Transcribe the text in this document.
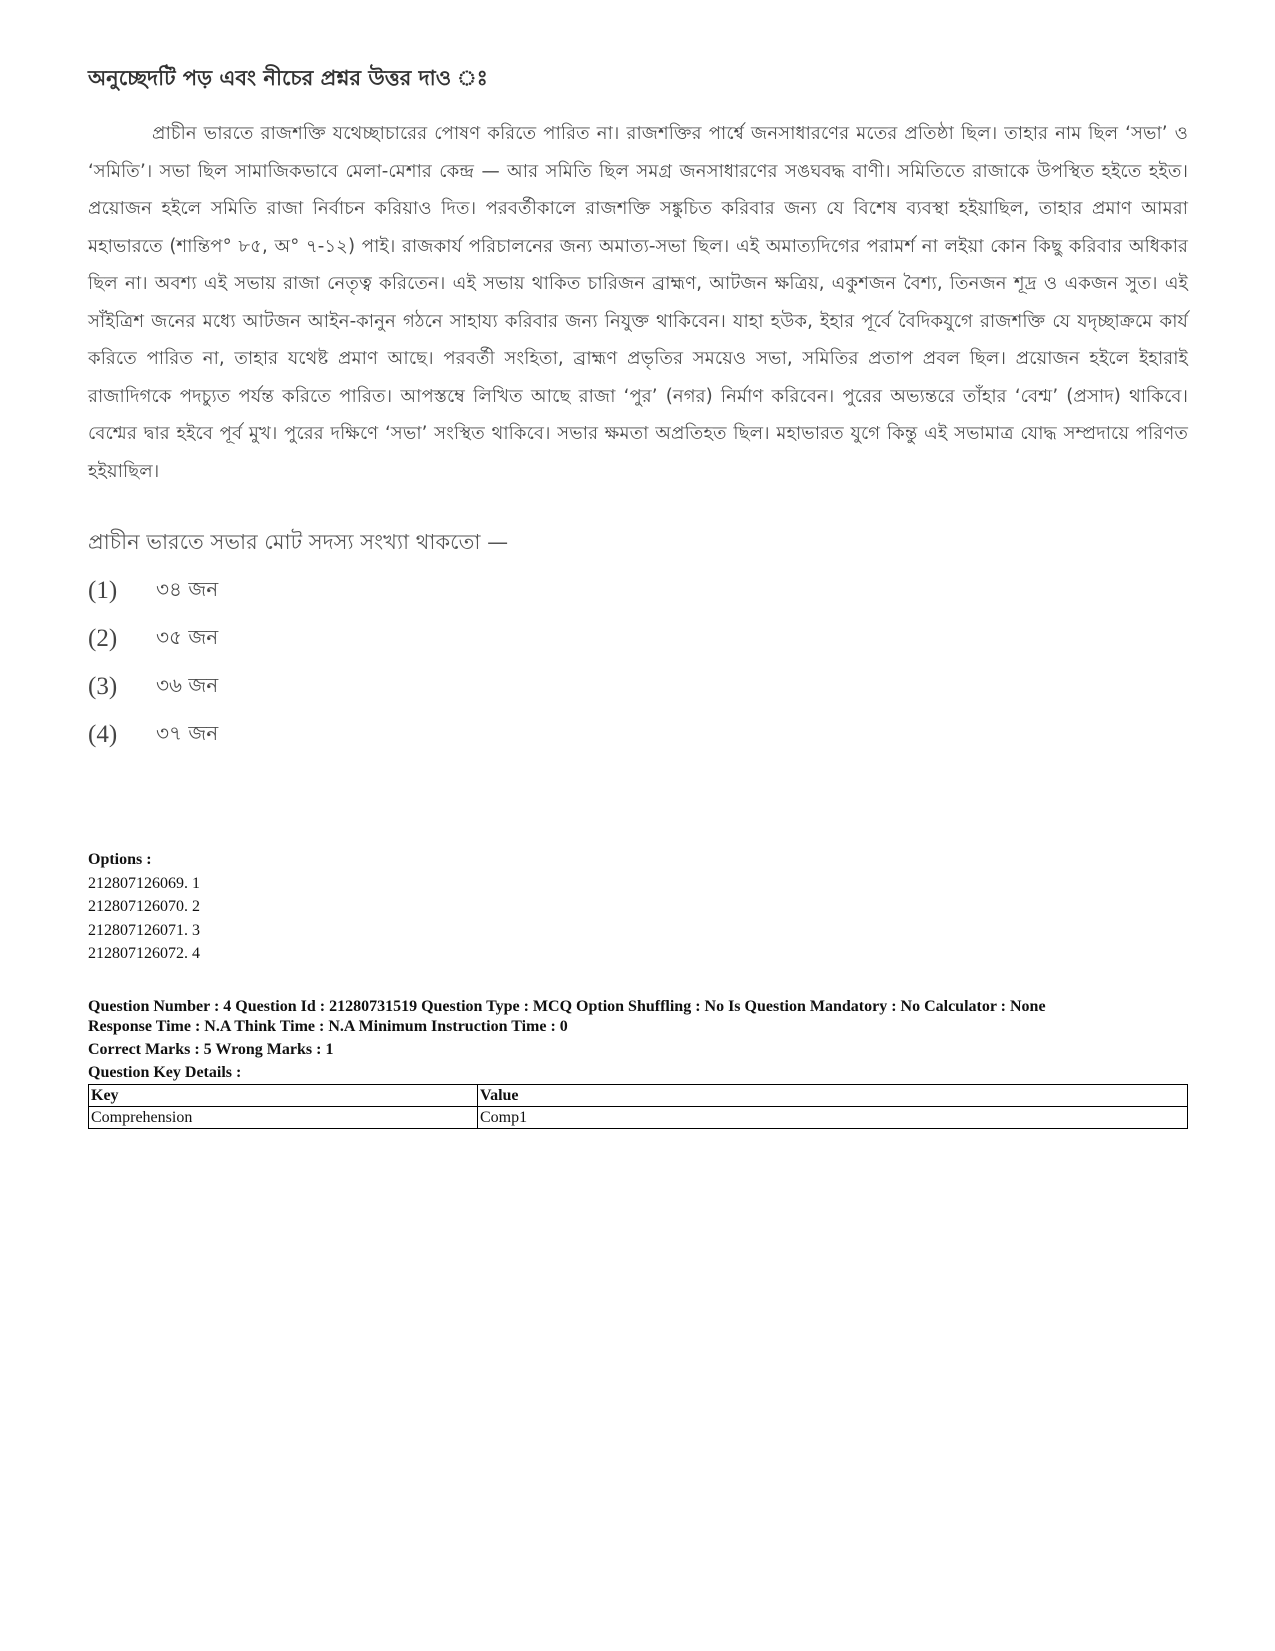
অনুচ্ছেদটি পড় এবং নীচের প্রশ্নর উত্তর দাও ঃ

প্রাচীন ভারতে রাজশক্তি যথেচ্ছাচারের পোষণ করিতে পারিত না। রাজশক্তির পার্শ্বে জনসাধারণের মতের প্রতিষ্ঠা ছিল। তাহার নাম ছিল ‘সভা’ ও ‘সমিতি’। সভা ছিল সামাজিকভাবে মেলা-মেশার কেন্দ্র — আর সমিতি ছিল সমগ্র জনসাধারণের সঙঘবদ্ধ বাণী। সমিতিতে রাজাকে উপস্থিত হইতে হইত। প্রয়োজন হইলে সমিতি রাজা নির্বাচন করিয়াও দিত। পরবর্তীকালে রাজশক্তি সঙ্কুচিত করিবার জন্য যে বিশেষ ব্যবস্থা হইয়াছিল, তাহার প্রমাণ আমরা মহাভারতে (শান্তিপ° ৮৫, অ° ৭-১২) পাই। রাজকার্য পরিচালনের জন্য অমাত্য-সভা ছিল। এই অমাত্যদিগের পরামর্শ না লইয়া কোন কিছু করিবার অধিকার ছিল না। অবশ্য এই সভায় রাজা নেতৃত্ব করিতেন। এই সভায় থাকিত চারিজন ব্রাহ্মণ, আটজন ক্ষত্রিয়, একুশজন বৈশ্য, তিনজন শূদ্র ও একজন সুত। এই সাঁইত্রিশ জনের মধ্যে আটজন আইন-কানুন গঠনে সাহায্য করিবার জন্য নিযুক্ত থাকিবেন। যাহা হউক, ইহার পূর্বে বৈদিকযুগে রাজশক্তি যে যদৃচ্ছাক্রমে কার্য করিতে পারিত না, তাহার যথেষ্ট প্রমাণ আছে। পরবর্তী সংহিতা, ব্রাহ্মণ প্রভৃতির সময়েও সভা, সমিতির প্রতাপ প্রবল ছিল। প্রয়োজন হইলে ইহারাই রাজাদিগকে পদচ্যুত পর্যন্ত করিতে পারিত। আপস্তম্বে লিখিত আছে রাজা ‘পুর’ (নগর) নির্মাণ করিবেন। পুরের অভ্যন্তরে তাঁহার ‘বেশ্ম’ (প্রসাদ) থাকিবে। বেশ্মের দ্বার হইবে পূর্ব মুখ। পুরের দক্ষিণে ‘সভা’ সংস্থিত থাকিবে। সভার ক্ষমতা অপ্রতিহত ছিল। মহাভারত যুগে কিন্তু এই সভামাত্র যোদ্ধ সম্প্রদায়ে পরিণত হইয়াছিল।

প্রাচীন ভারতে সভার মোট সদস্য সংখ্যা থাকতো —

(1)	৩৪ জন
(2)	৩৫ জন
(3)	৩৬ জন
(4)	৩৭ জন
Options :
212807126069. 1
212807126070. 2
212807126071. 3
212807126072. 4
Question Number : 4 Question Id : 21280731519 Question Type : MCQ Option Shuffling : No Is Question Mandatory : No Calculator : None
Response Time : N.A Think Time : N.A Minimum Instruction Time : 0
Correct Marks : 5 Wrong Marks : 1
Question Key Details :
Key	Value
Comprehension	Comp1
